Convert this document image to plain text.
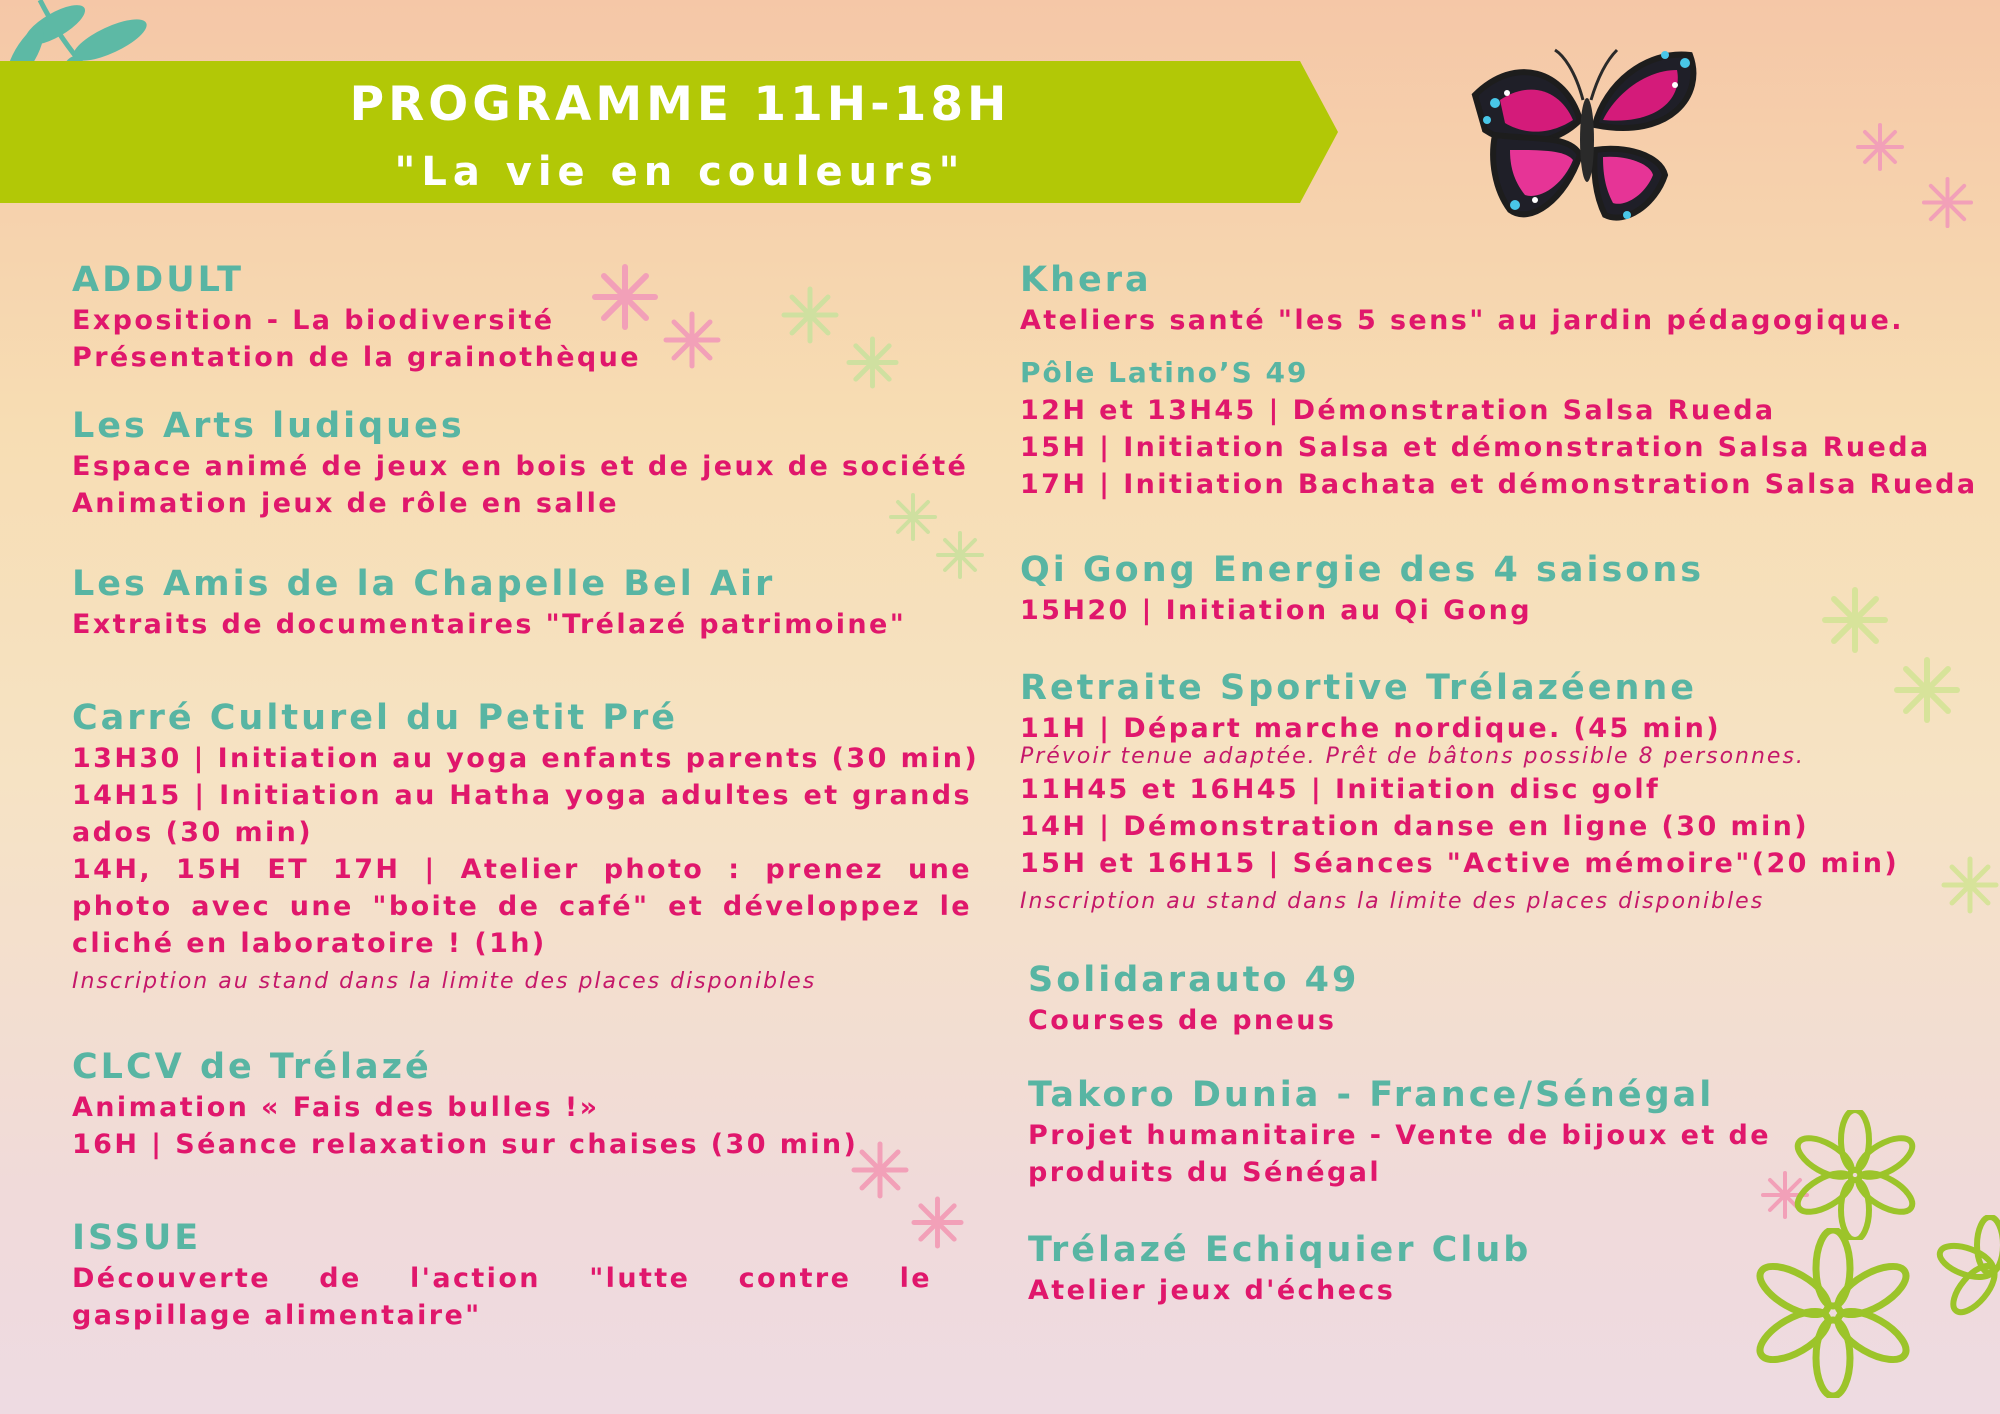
PROGRAMME 11H-18H
"La vie en couleurs"
ADDULT
Exposition - La biodiversité
Présentation de la grainothèque
Les Arts ludiques
Espace animé de jeux en bois et de jeux de société
Animation jeux de rôle en salle
Les Amis de la Chapelle Bel Air
Extraits de documentaires "Trélazé patrimoine"
Carré Culturel du Petit Pré
13H30 | Initiation au yoga enfants parents (30 min)
14H15 | Initiation au Hatha yoga adultes et grands ados (30 min)
14H, 15H ET 17H | Atelier photo : prenez une photo avec une "boite de café" et développez le cliché en laboratoire ! (1h)
Inscription au stand dans la limite des places disponibles
CLCV de Trélazé
Animation « Fais des bulles !»
16H | Séance relaxation sur chaises (30 min)
ISSUE
Découverte de l'action "lutte contre le gaspillage alimentaire"
Khera
Ateliers santé "les 5 sens" au jardin pédagogique.
Pôle Latino’S 49
12H et 13H45 | Démonstration Salsa Rueda
15H | Initiation Salsa et démonstration Salsa Rueda
17H | Initiation Bachata et démonstration Salsa Rueda
Qi Gong Energie des 4 saisons
15H20 | Initiation au Qi Gong
Retraite Sportive Trélazéenne
11H | Départ marche nordique. (45 min)
Prévoir tenue adaptée. Prêt de bâtons possible 8 personnes.
11H45 et 16H45 | Initiation disc golf
14H | Démonstration danse en ligne (30 min)
15H et 16H15 | Séances "Active mémoire"(20 min)
Inscription au stand dans la limite des places disponibles
Solidarauto 49
Courses de pneus
Takoro Dunia - France/Sénégal
Projet humanitaire - Vente de bijoux et de
produits du Sénégal
Trélazé Echiquier Club
Atelier jeux d'échecs
